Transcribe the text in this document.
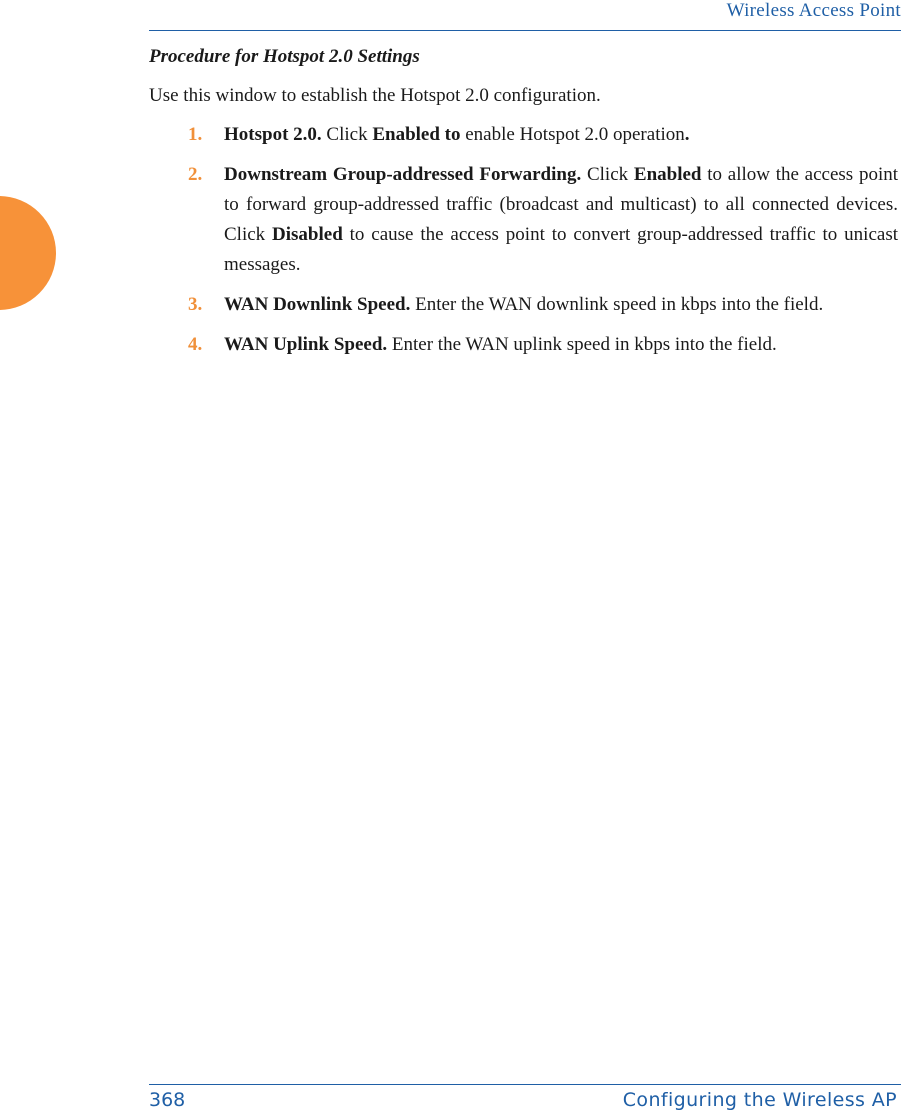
Wireless Access Point
Procedure for Hotspot 2.0 Settings

Use this window to establish the Hotspot 2.0 configuration.

1. Hotspot 2.0. Click Enabled to enable Hotspot 2.0 operation.
2. Downstream Group-addressed Forwarding. Click Enabled to allow the access point to forward group-addressed traffic (broadcast and multicast) to all connected devices. Click Disabled to cause the access point to convert group-addressed traffic to unicast messages.
3. WAN Downlink Speed. Enter the WAN downlink speed in kbps into the field.
4. WAN Uplink Speed. Enter the WAN uplink speed in kbps into the field.
368	Configuring the Wireless AP
